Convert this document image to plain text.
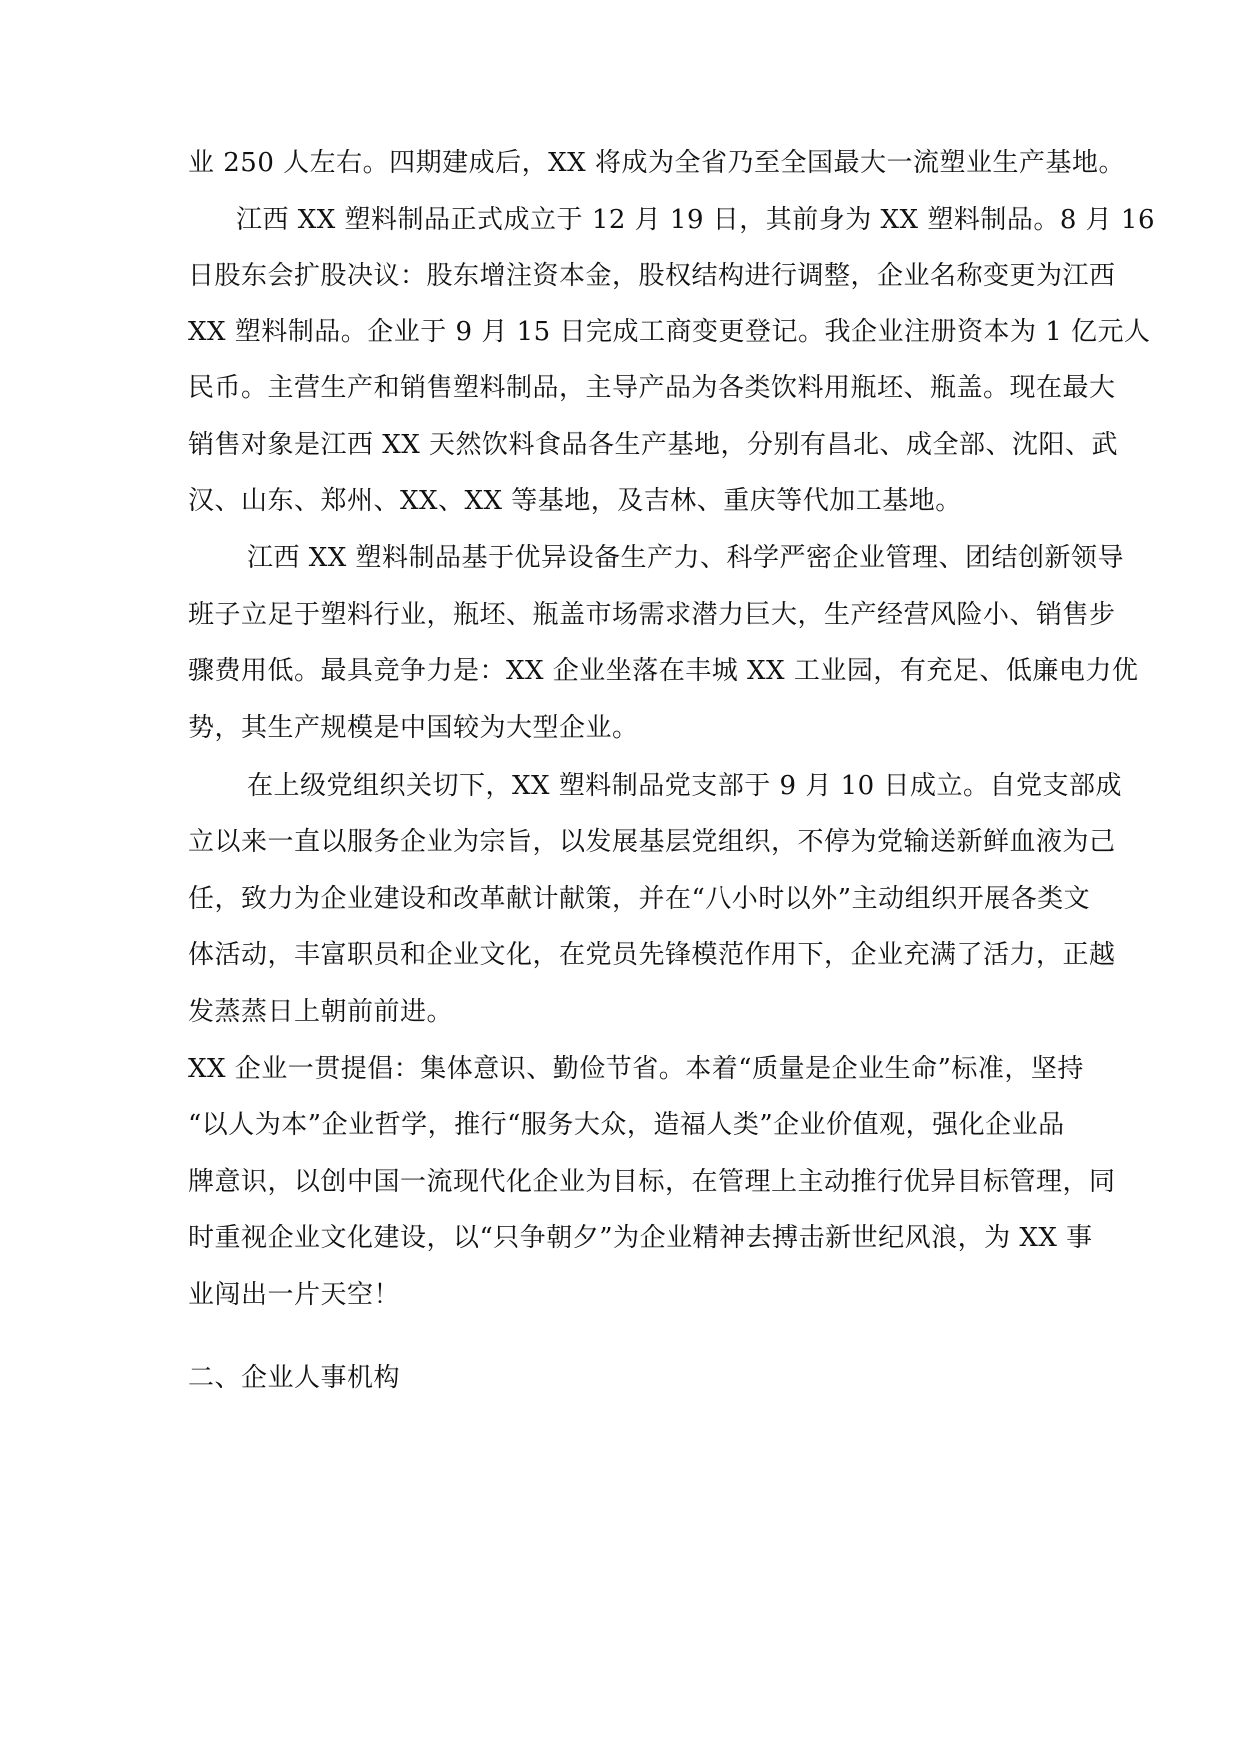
业 250 人左右。四期建成后，XX 将成为全省乃至全国最大一流塑业生产基地。
江西 XX 塑料制品正式成立于 12 月 19 日，其前身为 XX 塑料制品。8 月 16
日股东会扩股决议：股东增注资本金，股权结构进行调整，企业名称变更为江西
XX 塑料制品。企业于 9 月 15 日完成工商变更登记。我企业注册资本为 1 亿元人
民币。主营生产和销售塑料制品，主导产品为各类饮料用瓶坯、瓶盖。现在最大
销售对象是江西 XX 天然饮料食品各生产基地，分别有昌北、成全部、沈阳、武
汉、山东、郑州、XX、XX 等基地，及吉林、重庆等代加工基地。
江西 XX 塑料制品基于优异设备生产力、科学严密企业管理、团结创新领导
班子立足于塑料行业，瓶坯、瓶盖市场需求潜力巨大，生产经营风险小、销售步
骤费用低。最具竞争力是：XX 企业坐落在丰城 XX 工业园，有充足、低廉电力优
势，其生产规模是中国较为大型企业。
在上级党组织关切下，XX 塑料制品党支部于 9 月 10 日成立。自党支部成
立以来一直以服务企业为宗旨，以发展基层党组织，不停为党输送新鲜血液为己
任，致力为企业建设和改革献计献策，并在“八小时以外”主动组织开展各类文
体活动，丰富职员和企业文化，在党员先锋模范作用下，企业充满了活力，正越
发蒸蒸日上朝前前进。
XX 企业一贯提倡：集体意识、勤俭节省。本着“质量是企业生命”标准，坚持
“以人为本”企业哲学，推行“服务大众，造福人类”企业价值观，强化企业品
牌意识，以创中国一流现代化企业为目标，在管理上主动推行优异目标管理，同
时重视企业文化建设，以“只争朝夕”为企业精神去搏击新世纪风浪，为 XX 事
业闯出一片天空！
二、企业人事机构
